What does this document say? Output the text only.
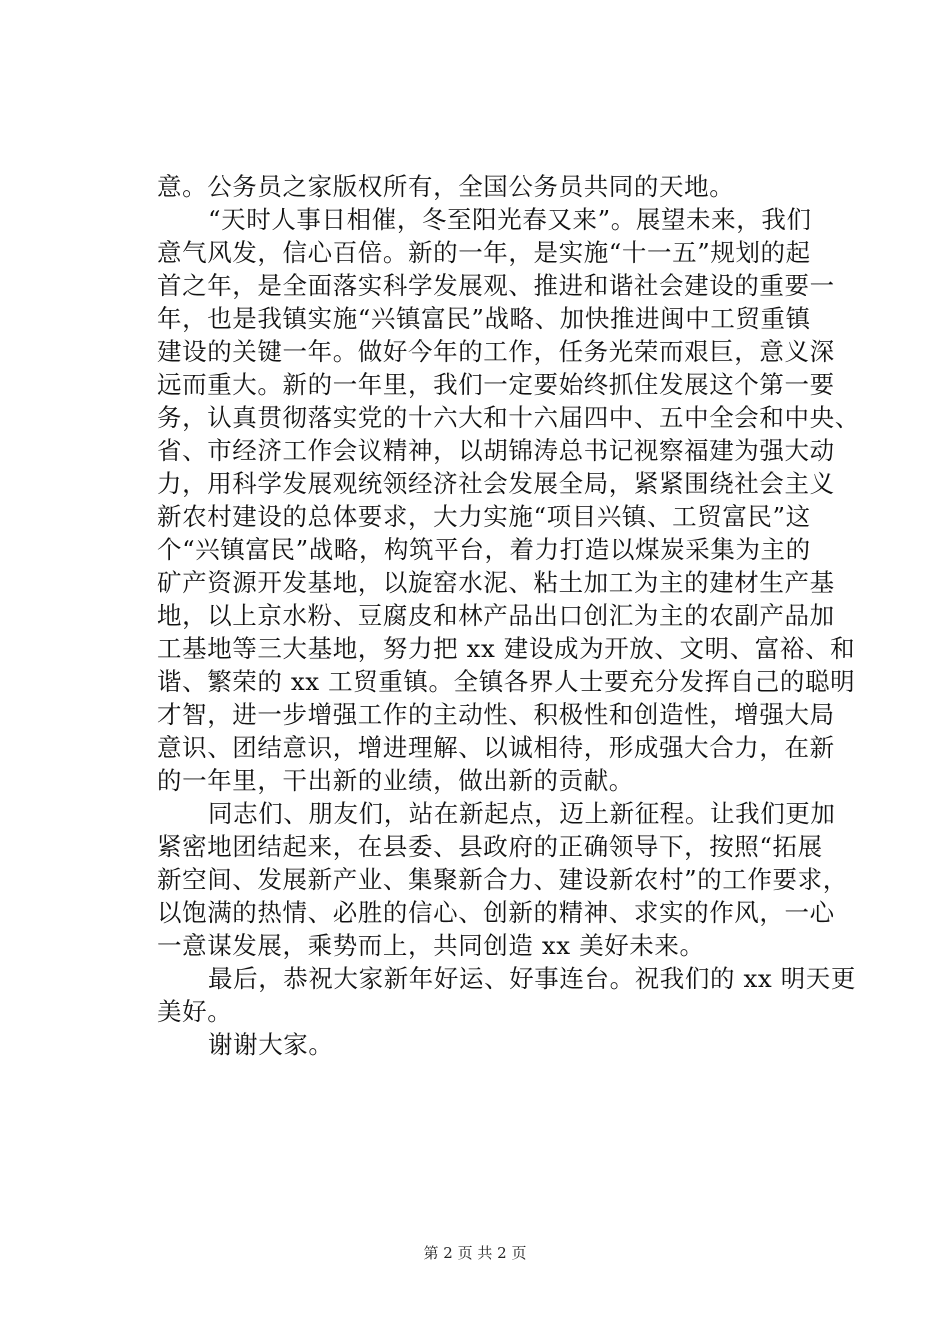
意。公务员之家版权所有，全国公务员共同的天地。
“天时人事日相催，冬至阳光春又来”。展望未来，我们
意气风发，信心百倍。新的一年，是实施“十一五”规划的起
首之年，是全面落实科学发展观、推进和谐社会建设的重要一
年，也是我镇实施“兴镇富民”战略、加快推进闽中工贸重镇
建设的关键一年。做好今年的工作，任务光荣而艰巨，意义深
远而重大。新的一年里，我们一定要始终抓住发展这个第一要
务，认真贯彻落实党的十六大和十六届四中、五中全会和中央、
省、市经济工作会议精神，以胡锦涛总书记视察福建为强大动
力，用科学发展观统领经济社会发展全局，紧紧围绕社会主义
新农村建设的总体要求，大力实施“项目兴镇、工贸富民”这
个“兴镇富民”战略，构筑平台，着力打造以煤炭采集为主的
矿产资源开发基地，以旋窑水泥、粘土加工为主的建材生产基
地，以上京水粉、豆腐皮和林产品出口创汇为主的农副产品加
工基地等三大基地，努力把 xx 建设成为开放、文明、富裕、和
谐、繁荣的 xx 工贸重镇。全镇各界人士要充分发挥自己的聪明
才智，进一步增强工作的主动性、积极性和创造性，增强大局
意识、团结意识，增进理解、以诚相待，形成强大合力，在新
的一年里，干出新的业绩，做出新的贡献。
同志们、朋友们，站在新起点，迈上新征程。让我们更加
紧密地团结起来，在县委、县政府的正确领导下，按照“拓展
新空间、发展新产业、集聚新合力、建设新农村”的工作要求，
以饱满的热情、必胜的信心、创新的精神、求实的作风，一心
一意谋发展，乘势而上，共同创造 xx 美好未来。
最后，恭祝大家新年好运、好事连台。祝我们的 xx 明天更
美好。
谢谢大家。
第 2 页 共 2 页
